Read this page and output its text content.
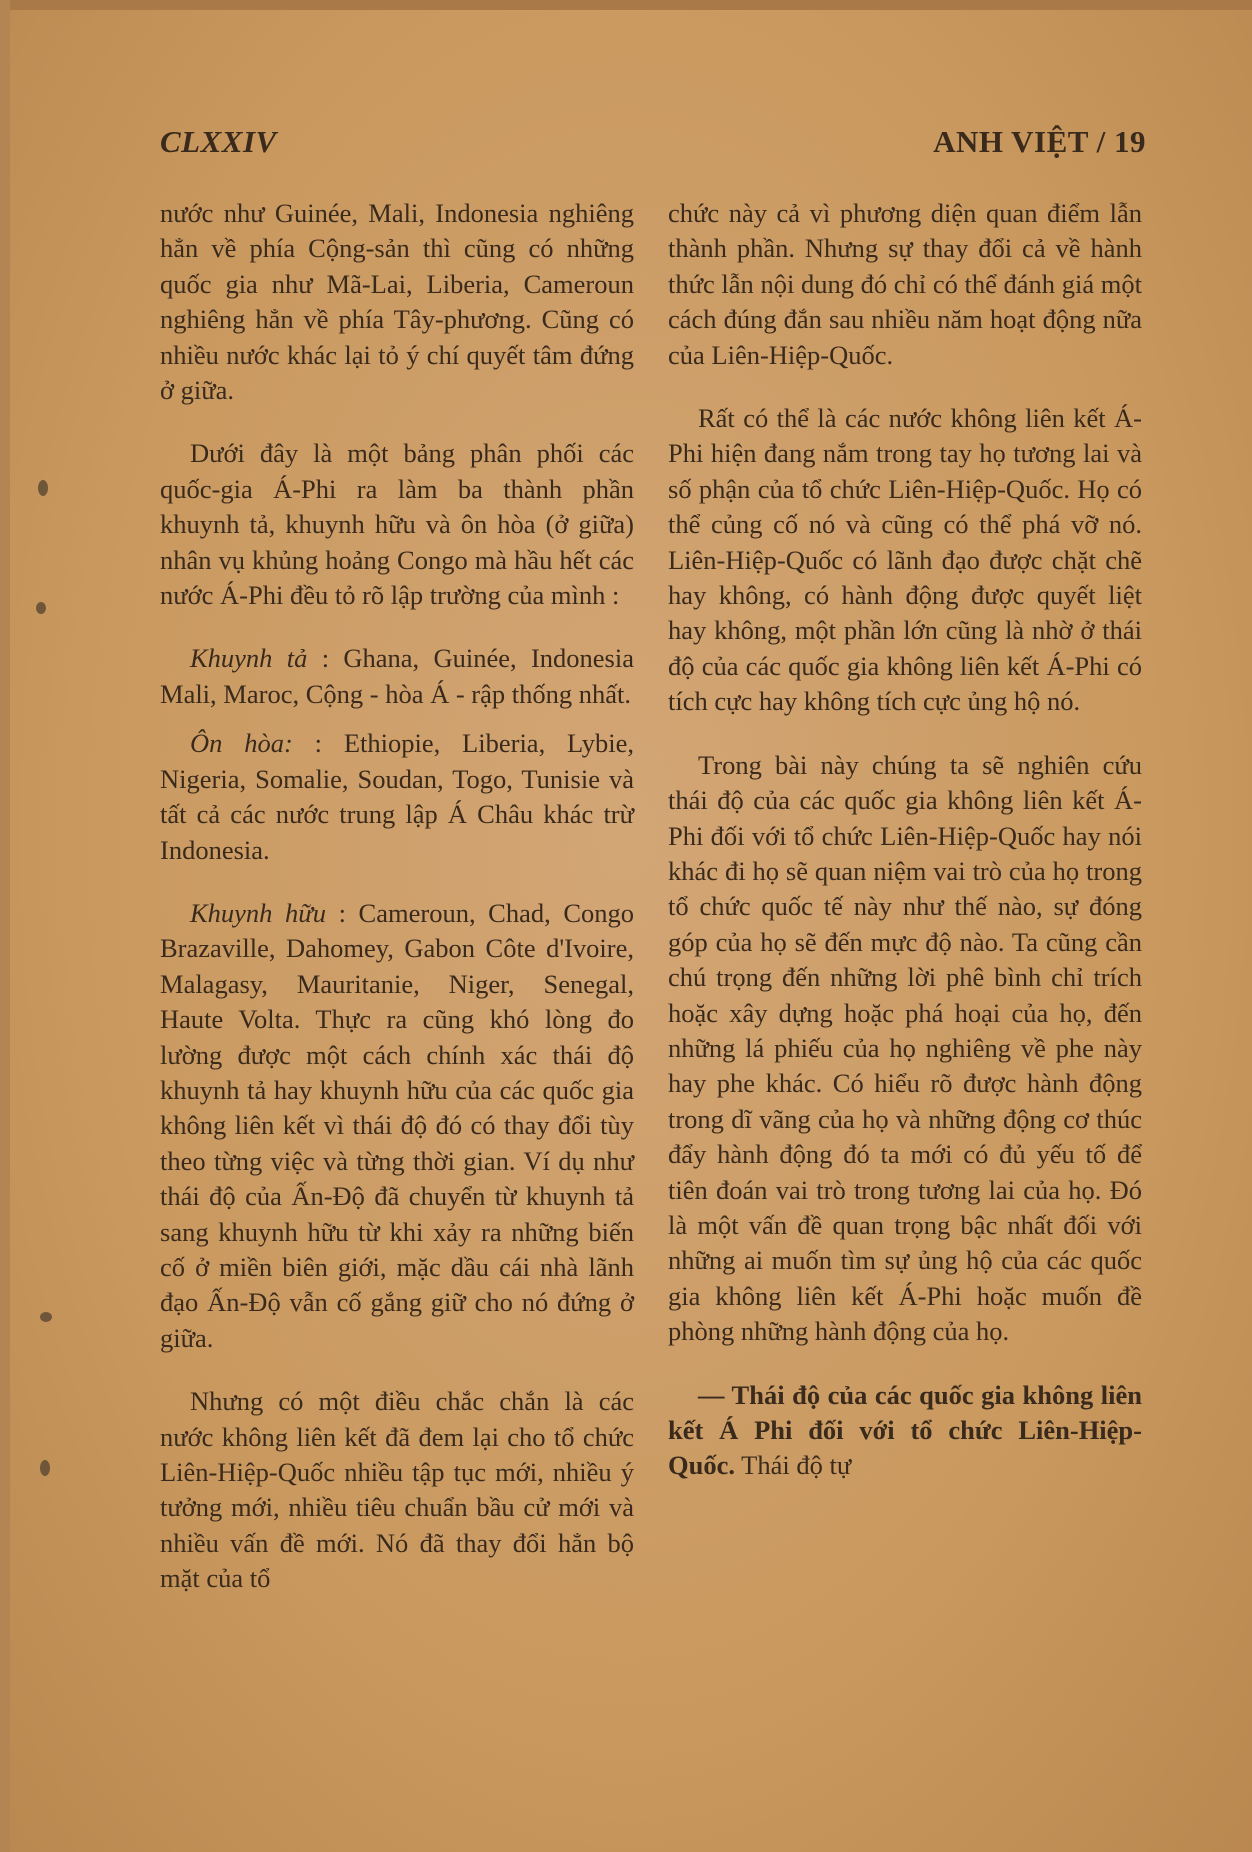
CLXXIV	ANH VIỆT / 19

nước như Guinée, Mali, Indonesia nghiêng hẳn về phía Cộng-sản thì cũng có những quốc gia như Mã-Lai, Liberia, Cameroun nghiêng hẳn về phía Tây-phương. Cũng có nhiều nước khác lại tỏ ý chí quyết tâm đứng ở giữa.

Dưới đây là một bảng phân phối các quốc-gia Á-Phi ra làm ba thành phần khuynh tả, khuynh hữu và ôn hòa (ở giữa) nhân vụ khủng hoảng Congo mà hầu hết các nước Á-Phi đều tỏ rõ lập trường của mình :

Khuynh tả : Ghana, Guinée, Indonesia Mali, Maroc, Cộng - hòa Á - rập thống nhất.

Ôn hòa: : Ethiopie, Liberia, Lybie, Nigeria, Somalie, Soudan, Togo, Tunisie và tất cả các nước trung lập Á Châu khác trừ Indonesia.

Khuynh hữu : Cameroun, Chad, Congo Brazaville, Dahomey, Gabon Côte d'Ivoire, Malagasy, Mauritanie, Niger, Senegal, Haute Volta. Thực ra cũng khó lòng đo lường được một cách chính xác thái độ khuynh tả hay khuynh hữu của các quốc gia không liên kết vì thái độ đó có thay đổi tùy theo từng việc và từng thời gian. Ví dụ như thái độ của Ấn-Độ đã chuyển từ khuynh tả sang khuynh hữu từ khi xảy ra những biến cố ở miền biên giới, mặc dầu cái nhà lãnh đạo Ấn-Độ vẫn cố gắng giữ cho nó đứng ở giữa.

Nhưng có một điều chắc chắn là các nước không liên kết đã đem lại cho tổ chức Liên-Hiệp-Quốc nhiều tập tục mới, nhiều ý tưởng mới, nhiều tiêu chuẩn bầu cử mới và nhiều vấn đề mới. Nó đã thay đổi hẳn bộ mặt của tổ

chức này cả vì phương diện quan điểm lẫn thành phần. Nhưng sự thay đổi cả về hành thức lẫn nội dung đó chỉ có thể đánh giá một cách đúng đắn sau nhiều năm hoạt động nữa của Liên-Hiệp-Quốc.

Rất có thể là các nước không liên kết Á-Phi hiện đang nắm trong tay họ tương lai và số phận của tổ chức Liên-Hiệp-Quốc. Họ có thể củng cố nó và cũng có thể phá vỡ nó. Liên-Hiệp-Quốc có lãnh đạo được chặt chẽ hay không, có hành động được quyết liệt hay không, một phần lớn cũng là nhờ ở thái độ của các quốc gia không liên kết Á-Phi có tích cực hay không tích cực ủng hộ nó.

Trong bài này chúng ta sẽ nghiên cứu thái độ của các quốc gia không liên kết Á-Phi đối với tổ chức Liên-Hiệp-Quốc hay nói khác đi họ sẽ quan niệm vai trò của họ trong tổ chức quốc tế này như thế nào, sự đóng góp của họ sẽ đến mực độ nào. Ta cũng cần chú trọng đến những lời phê bình chỉ trích hoặc xây dựng hoặc phá hoại của họ, đến những lá phiếu của họ nghiêng về phe này hay phe khác. Có hiểu rõ được hành động trong dĩ vãng của họ và những động cơ thúc đẩy hành động đó ta mới có đủ yếu tố để tiên đoán vai trò trong tương lai của họ. Đó là một vấn đề quan trọng bậc nhất đối với những ai muốn tìm sự ủng hộ của các quốc gia không liên kết Á-Phi hoặc muốn đề phòng những hành động của họ.

— Thái độ của các quốc gia không liên kết Á Phi đối với tổ chức Liên-Hiệp-Quốc. Thái độ tự
